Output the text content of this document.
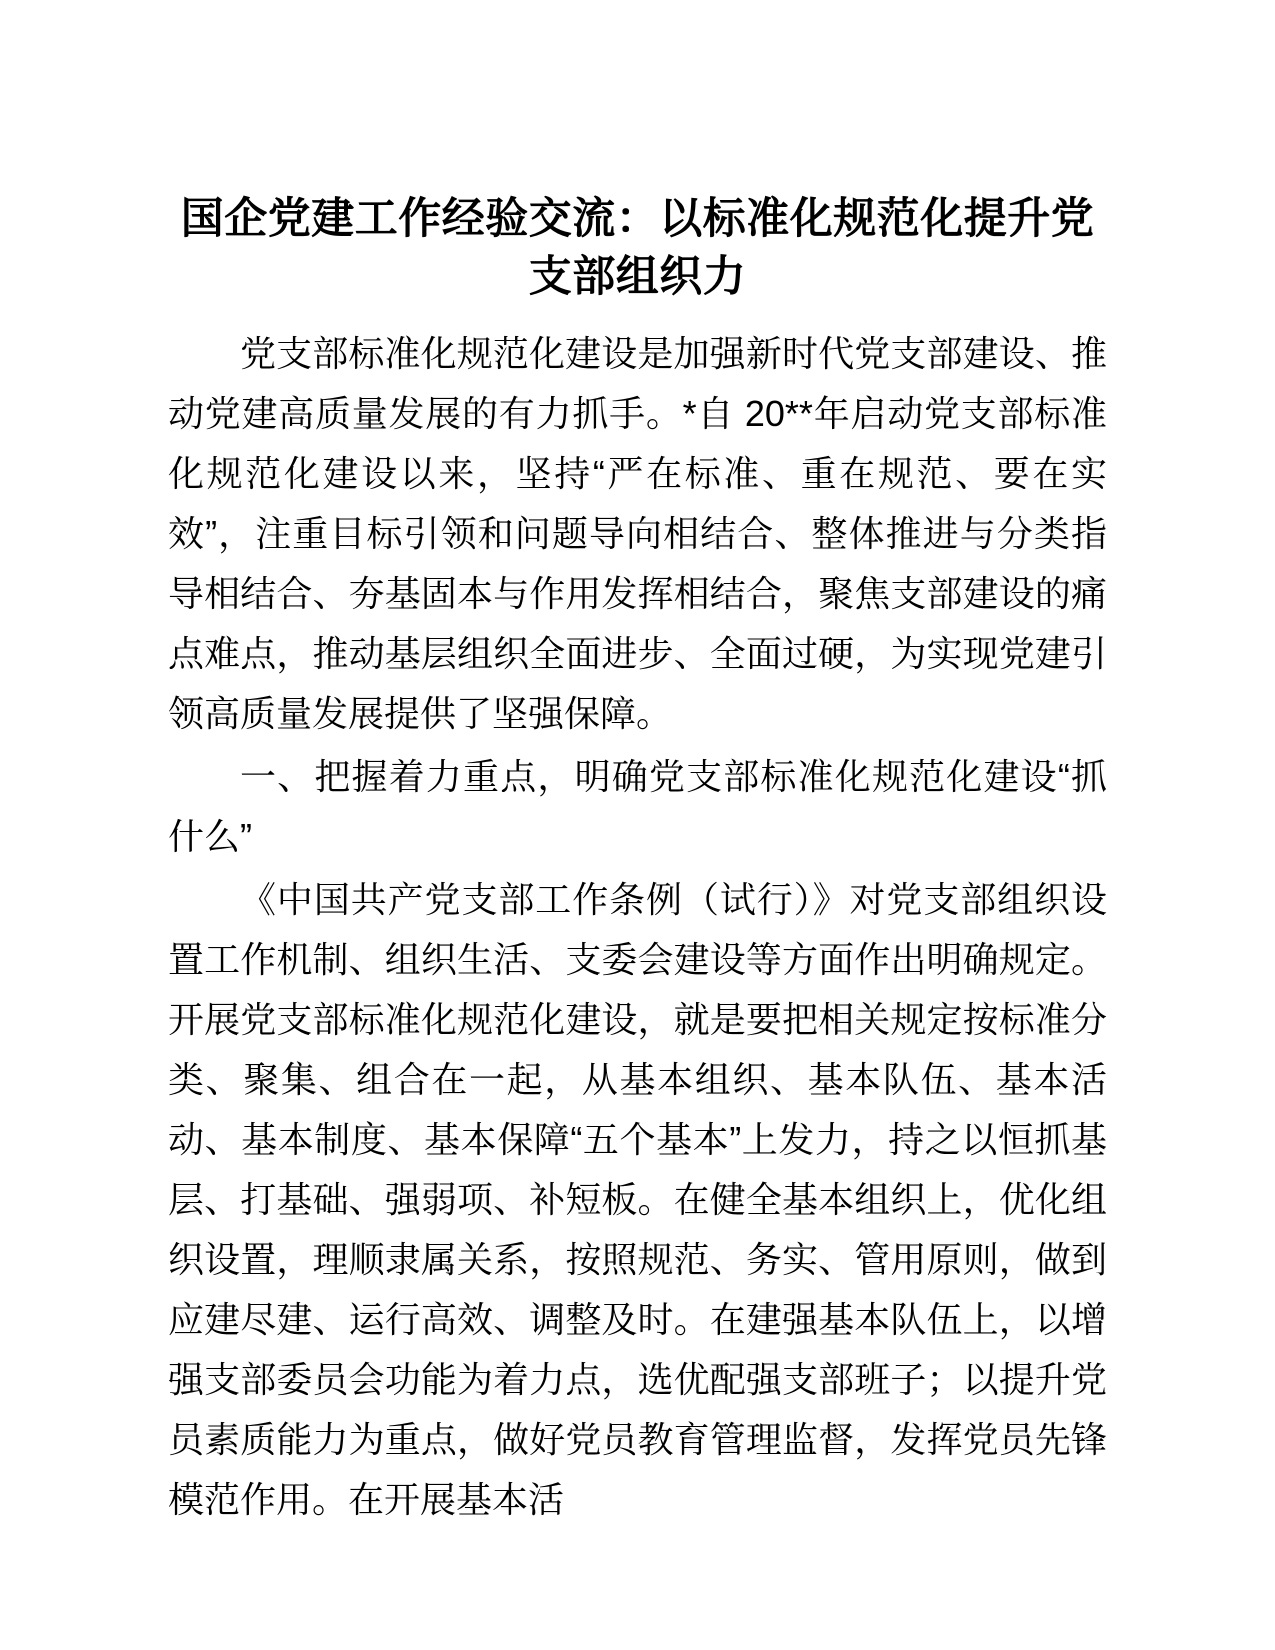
国企党建工作经验交流：以标准化规范化提升党支部组织力

党支部标准化规范化建设是加强新时代党支部建设、推动党建高质量发展的有力抓手。*自 20**年启动党支部标准化规范化建设以来，坚持“严在标准、重在规范、要在实效”，注重目标引领和问题导向相结合、整体推进与分类指导相结合、夯基固本与作用发挥相结合，聚焦支部建设的痛点难点，推动基层组织全面进步、全面过硬，为实现党建引领高质量发展提供了坚强保障。

一、把握着力重点，明确党支部标准化规范化建设“抓什么”

《中国共产党支部工作条例（试行）》对党支部组织设置工作机制、组织生活、支委会建设等方面作出明确规定。开展党支部标准化规范化建设，就是要把相关规定按标准分类、聚集、组合在一起，从基本组织、基本队伍、基本活动、基本制度、基本保障“五个基本”上发力，持之以恒抓基层、打基础、强弱项、补短板。在健全基本组织上，优化组织设置，理顺隶属关系，按照规范、务实、管用原则，做到应建尽建、运行高效、调整及时。在建强基本队伍上，以增强支部委员会功能为着力点，选优配强支部班子；以提升党员素质能力为重点，做好党员教育管理监督，发挥党员先锋模范作用。在开展基本活
